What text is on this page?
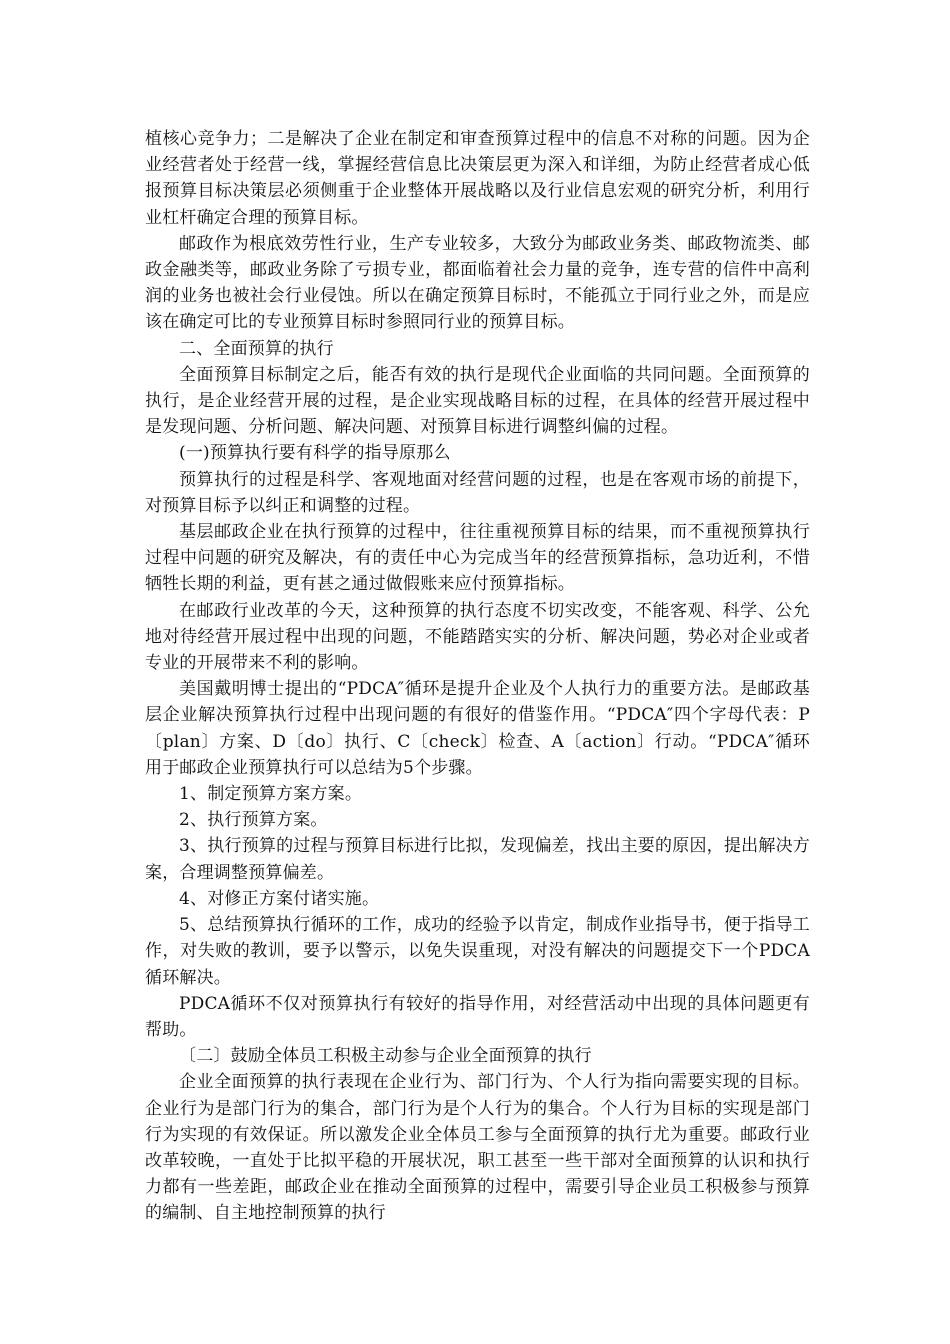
植核心竞争力；二是解决了企业在制定和审查预算过程中的信息不对称的问题。因为企业经营者处于经营一线，掌握经营信息比决策层更为深入和详细，为防止经营者成心低报预算目标决策层必须侧重于企业整体开展战略以及行业信息宏观的研究分析，利用行业杠杆确定合理的预算目标。

邮政作为根底效劳性行业，生产专业较多，大致分为邮政业务类、邮政物流类、邮政金融类等，邮政业务除了亏损专业，都面临着社会力量的竞争，连专营的信件中高利润的业务也被社会行业侵蚀。所以在确定预算目标时，不能孤立于同行业之外，而是应该在确定可比的专业预算目标时参照同行业的预算目标。

二、全面预算的执行

全面预算目标制定之后，能否有效的执行是现代企业面临的共同问题。全面预算的执行，是企业经营开展的过程，是企业实现战略目标的过程，在具体的经营开展过程中是发现问题、分析问题、解决问题、对预算目标进行调整纠偏的过程。

(一)预算执行要有科学的指导原那么

预算执行的过程是科学、客观地面对经营问题的过程，也是在客观市场的前提下，对预算目标予以纠正和调整的过程。

基层邮政企业在执行预算的过程中，往往重视预算目标的结果，而不重视预算执行过程中问题的研究及解决，有的责任中心为完成当年的经营预算指标，急功近利，不惜牺牲长期的利益，更有甚之通过做假账来应付预算指标。

在邮政行业改革的今天，这种预算的执行态度不切实改变，不能客观、科学、公允地对待经营开展过程中出现的问题，不能踏踏实实的分析、解决问题，势必对企业或者专业的开展带来不利的影响。

美国戴明博士提出的“PDCA″循环是提升企业及个人执行力的重要方法。是邮政基层企业解决预算执行过程中出现问题的有很好的借鉴作用。“PDCA″四个字母代表：P〔plan〕方案、D〔do〕执行、C〔check〕检查、A〔action〕行动。“PDCA″循环用于邮政企业预算执行可以总结为5个步骤。

1、制定预算方案方案。

2、执行预算方案。

3、执行预算的过程与预算目标进行比拟，发现偏差，找出主要的原因，提出解决方案，合理调整预算偏差。

4、对修正方案付诸实施。

5、总结预算执行循环的工作，成功的经验予以肯定，制成作业指导书，便于指导工作，对失败的教训，要予以警示，以免失误重现，对没有解决的问题提交下一个PDCA循环解决。

PDCA循环不仅对预算执行有较好的指导作用，对经营活动中出现的具体问题更有帮助。

〔二〕鼓励全体员工积极主动参与企业全面预算的执行

企业全面预算的执行表现在企业行为、部门行为、个人行为指向需要实现的目标。企业行为是部门行为的集合，部门行为是个人行为的集合。个人行为目标的实现是部门行为实现的有效保证。所以激发企业全体员工参与全面预算的执行尤为重要。邮政行业改革较晚，一直处于比拟平稳的开展状况，职工甚至一些干部对全面预算的认识和执行力都有一些差距，邮政企业在推动全面预算的过程中，需要引导企业员工积极参与预算的编制、自主地控制预算的执行
